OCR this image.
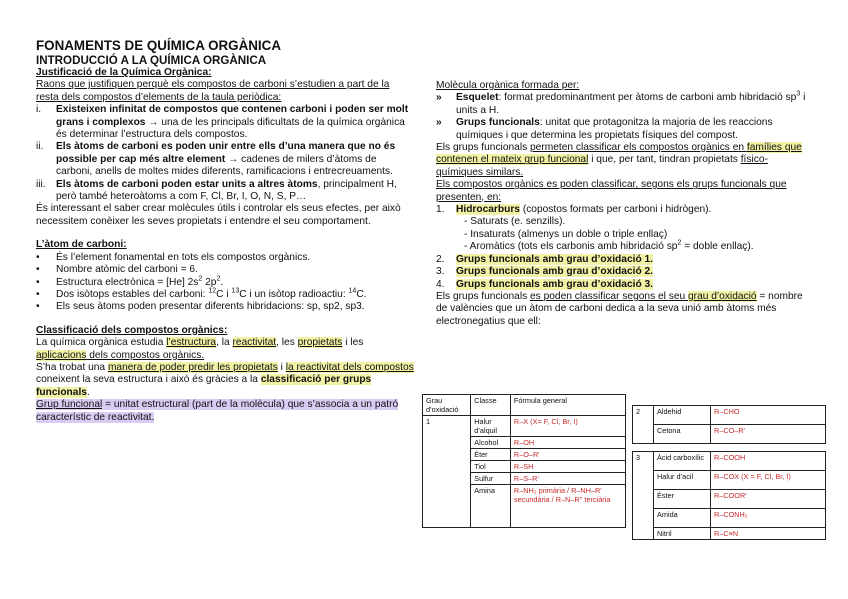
FONAMENTS DE QUÍMICA ORGÀNICA
INTRODUCCIÓ A LA QUÍMICA ORGÀNICA
Justificació de la Química Orgànica:
Raons que justifiquen perquè els compostos de carboni s’estudien a part de la resta dels compostos d’elements de la taula periòdica:
i. Existeixen infinitat de compostos que contenen carboni i poden ser molt grans i complexos → una de les principals dificultats de la química orgànica és determinar l’estructura dels compostos.
ii. Els àtoms de carboni es poden unir entre ells d’una manera que no és possible per cap més altre element → cadenes de milers d’àtoms de carboni, anells de moltes mides diferents, ramificacions i entrecreuaments.
iii. Els àtoms de carboni poden estar units a altres àtoms, principalment H, però també heteroàtoms a com F, Cl, Br, I, O, N, S, P…
És interessant el saber crear molècules útils i controlar els seus efectes, per això necessitem conèixer les seves propietats i entendre el seu comportament.
L’àtom de carboni:
• És l’element fonamental en tots els compostos orgànics.
• Nombre atòmic del carboni = 6.
• Estructura electrònica = [He] $2s^2$ $2p^2$.
• Dos isòtops estables del carboni: $^{12}$C i $^{13}$C i un isòtop radioactiu: $^{14}$C.
• Els seus àtoms poden presentar diferents hibridacions: sp, sp2, sp3.
Classificació dels compostos orgànics:
La química orgànica estudia l’estructura, la reactivitat, les propietats i les aplicacions dels compostos orgànics.
S’ha trobat una manera de poder predir les propietats i la reactivitat dels compostos coneixent la seva estructura i això és gràcies a la classificació per grups funcionals.
Grup funcional = unitat estructural (part de la molècula) que s’associa a un patró característic de reactivitat.
Molècula orgànica formada per:
» Esquelet: format predominantment per àtoms de carboni amb hibridació $sp^3$ i units a H.
» Grups funcionals: unitat que protagonitza la majoria de les reaccions químiques i que determina les propietats físiques del compost.
Els grups funcionals permeten classificar els compostos orgànics en famílies que contenen el mateix grup funcional i que, per tant, tindran propietats físico-químiques similars.
Els compostos orgànics es poden classificar, segons els grups funcionals que presenten, en:
1. Hidrocarburs (copostos formats per carboni i hidrògen).
- Saturats (e. senzills).
- Insaturats (almenys un doble o triple enllaç)
- Aromàtics (tots els carbonis amb hibridació $sp^2$ = doble enllaç).
2. Grups funcionals amb grau d’oxidació 1.
3. Grups funcionals amb grau d’oxidació 2.
4. Grups funcionals amb grau d’oxidació 3.
Els grups funcionals es poden classificar segons el seu grau d’oxidació = nombre de valències que un àtom de carboni dedica a la seva unió amb àtoms més electronegatius que ell:
Grau d’oxidació	Classe	Fórmula general
1	Halur d’alquil	R–X (X= F, Cl, Br, I)
	Alcohol	R–OH
	Èter	R–O–R'
	Tiol	R–SH
	Sulfur	R–S–R'
	Amina	R–NH₂ primària / R–NH–R' secundària / R–N–R'' terciària
2	Aldehid	R–CHO
	Cetona	R–CO–R'
3	Àcid carboxílic	R–COOH
	Halur d’acil	R–COX (X = F, Cl, Br, I)
	Èster	R–COOR'
	Amida	R–CONH₂
	Nitril	R–C≡N
